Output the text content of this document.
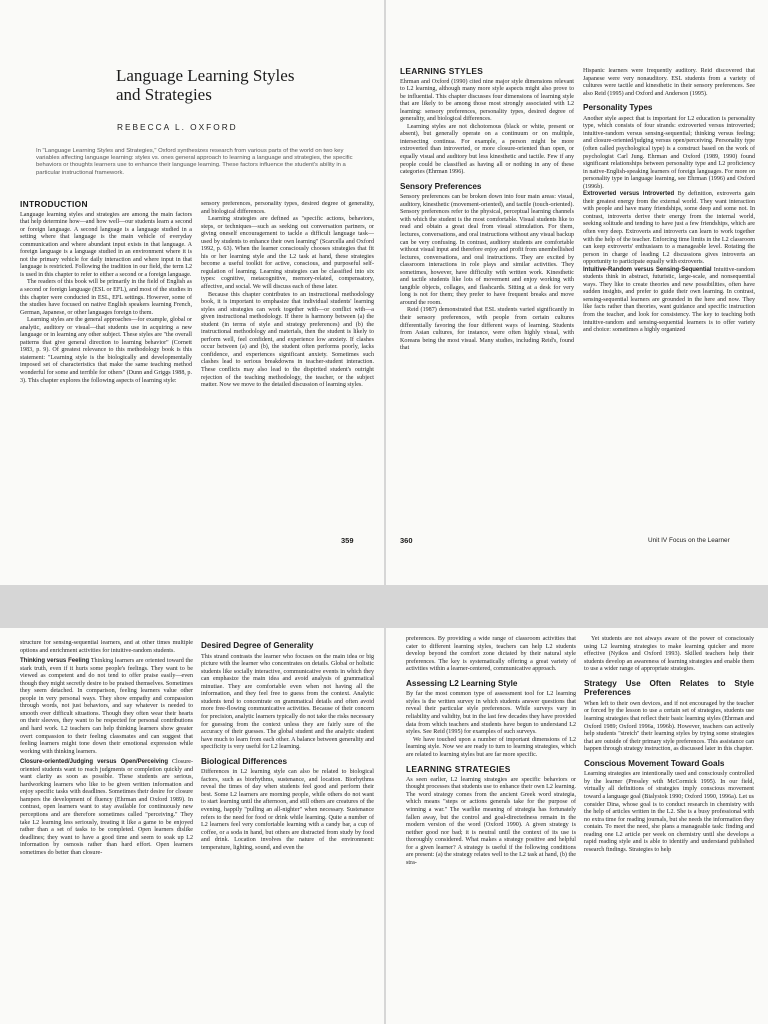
Language Learning Styles and Strategies
REBECCA L. OXFORD
In "Language Learning Styles and Strategies," Oxford synthesizes research from various parts of the world on two key variables affecting language learning: styles vs. ones general approach to learning a language and strategies, the specific behaviors or thoughts learners use to enhance their language learning. These factors influence the student's ability in a particular instructional framework.
INTRODUCTION

Language learning styles and strategies are among the main factors that help determine how—and how well—our students learn a second or foreign language. A second language is a language studied in a setting where that language is the main vehicle of everyday communication and where abundant input exists in that language. A foreign language is a language studied in an environment where it is not the primary vehicle for daily interaction and where input in that language is restricted. Following the tradition in our field, the term L2 is used in this chapter to refer to either a second or a foreign language.

The readers of this book will be primarily in the field of English as a second or foreign language (ESL or EFL), and most of the studies in this chapter were conducted in ESL, EFL settings. However, some of the studies have focused on native English speakers learning French, German, Japanese, or other languages foreign to them.

Learning styles are the general approaches—for example, global or analytic, auditory or visual—that students use in acquiring a new language or in learning any other subject. These styles are "the overall patterns that give general direction to learning behavior" (Cornett 1983, p. 9). Of greatest relevance to this methodology book is this statement: "Learning style is the biologically and developmentally imposed set of characteristics that make the same teaching method wonderful for some and terrible for others" (Dunn and Griggs 1988, p. 3). This chapter explores the following aspects of learning style:

sensory preferences, personality types, desired degree of generality, and biological differences.

Learning strategies are defined as "specific actions, behaviors, steps, or techniques—such as seeking out conversation partners, or giving oneself encouragement to tackle a difficult language task—used by students to enhance their own learning" (Scarcella and Oxford 1992, p. 63). When the learner consciously chooses strategies that fit his or her learning style and the L2 task at hand, these strategies become a useful toolkit for active, conscious, and purposeful self-regulation of learning. Learning strategies can be classified into six types: cognitive, metacognitive, memory-related, compensatory, affective, and social. We will discuss each of these later.

Because this chapter contributes to an instructional methodology book, it is important to emphasize that individual students' learning styles and strategies can work together with—or conflict with—a given instructional methodology. If there is harmony between (a) the student (in terms of style and strategy preferences) and (b) the instructional methodology and materials, then the student is likely to perform well, feel confident, and experience low anxiety. If clashes occur between (a) and (b), the student often performs poorly, lacks confidence, and experiences significant anxiety. Sometimes such clashes lead to serious breakdowns in teacher-student interaction. These conflicts may also lead to the dispirited student's outright rejection of the teaching methodology, the teacher, or the subject matter. Now we move to the detailed discussion of learning styles.

359
LEARNING STYLES

Ehrman and Oxford (1990) cited nine major style dimensions relevant to L2 learning, although many more style aspects might also prove to be influential. This chapter discusses four dimensions of learning style that are likely to be among those most strongly associated with L2 learning: sensory preferences, personality types, desired degree of generality, and biological differences.

Learning styles are not dichotomous (black or white, present or absent), but generally operate on a continuum or on multiple, intersecting continua. For example, a person might be more extroverted than introverted, or more closure-oriented than open, or equally visual and auditory but less kinesthetic and tactile. Few if any people could be classified as having all or nothing in any of these categories (Ehrman 1996).

Sensory Preferences

Sensory preferences can be broken down into four main areas: visual, auditory, kinesthetic (movement-oriented), and tactile (touch-oriented). Sensory preferences refer to the physical, perceptual learning channels with which the student is the most comfortable. Visual students like to read and obtain a great deal from visual stimulation. For them, lectures, conversations, and oral instructions without any visual backup can be very confusing. In contrast, auditory students are comfortable without visual input and therefore enjoy and profit from unembellished lectures, conversations, and oral instructions. They are excited by classroom interactions in role plays and similar activities. They sometimes, however, have difficulty with written work. Kinesthetic and tactile students like lots of movement and enjoy working with tangible objects, collages, and flashcards. Sitting at a desk for very long is not for them; they prefer to have frequent breaks and move around the room.

Reid (1987) demonstrated that ESL students varied significantly in their sensory preferences, with people from certain cultures differentially favoring the four different ways of learning. Students from Asian cultures, for instance, were often highly visual, with Koreans being the most visual. Many studies, including Reid's, found that

Hispanic learners were frequently auditory. Reid discovered that Japanese were very nonauditory. ESL students from a variety of cultures were tactile and kinesthetic in their sensory preferences. See also Reid (1995) and Oxford and Anderson (1995).

Personality Types

Another style aspect that is important for L2 education is personality type, which consists of four strands: extroverted versus introverted; intuitive-random versus sensing-sequential; thinking versus feeling; and closure-oriented/judging versus open/perceiving. Personality type (often called psychological type) is a construct based on the work of psychologist Carl Jung. Ehrman and Oxford (1989, 1990) found significant relationships between personality type and L2 proficiency in native-English-speaking learners of foreign languages. For more on personality type in language learning, see Ehrman (1996) and Oxford (1996b).

Extroverted versus Introverted By definition, extroverts gain their greatest energy from the external world. They want interaction with people and have many friendships, some deep and some not. In contrast, introverts derive their energy from the internal world, seeking solitude and tending to have just a few friendships, which are often very deep. Extroverts and introverts can learn to work together with the help of the teacher. Enforcing time limits in the L2 classroom can keep extroverts' enthusiasm to a manageable level. Rotating the person in charge of leading L2 discussions gives introverts an opportunity to participate equally with extroverts.

Intuitive-Random versus Sensing-Sequential Intuitive-random students think in abstract, futuristic, large-scale, and nonsequential ways. They like to create theories and new possibilities, often have sudden insights, and prefer to guide their own learning. In contrast, sensing-sequential learners are grounded in the here and now. They like facts rather than theories, want guidance and specific instruction from the teacher, and look for consistency. The key to teaching both intuitive-random and sensing-sequential learners is to offer variety and choice: sometimes a highly organized

360	Unit IV Focus on the Learner

structure for sensing-sequential learners, and at other times multiple options and enrichment activities for intuitive-random students.

Thinking versus Feeling Thinking learners are oriented toward the stark truth, even if it hurts some people's feelings. They want to be viewed as competent and do not tend to offer praise easily—even though they might secretly desire to be praised themselves. Sometimes they seem detached. In comparison, feeling learners value other people in very personal ways. They show empathy and compassion through words, not just behaviors, and say whatever is needed to smooth over difficult situations. Though they often wear their hearts on their sleeves, they want to be respected for personal contributions and hard work. L2 teachers can help thinking learners show greater overt compassion to their feeling classmates and can suggest that feeling learners might tone down their emotional expression while working with thinking learners.

Closure-oriented/Judging versus Open/Perceiving Closure-oriented students want to reach judgments or completion quickly and want clarity as soon as possible. These students are serious, hardworking learners who like to be given written information and enjoy specific tasks with deadlines. Sometimes their desire for closure hampers the development of fluency (Ehrman and Oxford 1989). In contrast, open learners want to stay available for continuously new perceptions and are therefore sometimes called "perceiving." They take L2 learning less seriously, treating it like a game to be enjoyed rather than a set of tasks to be completed. Open learners dislike deadlines; they want to have a good time and seem to soak up L2 information by osmosis rather than hard effort. Open learners sometimes do better than closure-

Desired Degree of Generality

This strand contrasts the learner who focuses on the main idea or big picture with the learner who concentrates on details. Global or holistic students like socially interactive, communicative events in which they can emphasize the main idea and avoid analysis of grammatical minutiae. They are comfortable even when not having all the information, and they feel free to guess from the context. Analytic students tend to concentrate on grammatical details and often avoid more free-flowing communicative activities. Because of their concern for precision, analytic learners typically do not take the risks necessary for guessing from the context unless they are fairly sure of the accuracy of their guesses. The global student and the analytic student have much to learn from each other. A balance between generality and specificity is very useful for L2 learning.

Biological Differences

Differences in L2 learning style can also be related to biological factors, such as biorhythms, sustenance, and location. Biorhythms reveal the times of day when students feel good and perform their best. Some L2 learners are morning people, while others do not want to start learning until the afternoon, and still others are creatures of the evening, happily "pulling an all-nighter" when necessary. Sustenance refers to the need for food or drink while learning. Quite a number of L2 learners feel very comfortable learning with a candy bar, a cup of coffee, or a soda in hand, but others are distracted from study by food and drink. Location involves the nature of the environment: temperature, lighting, sound, and even the

preferences. By providing a wide range of classroom activities that cater to different learning styles, teachers can help L2 students develop beyond the comfort zone dictated by their natural style preferences. The key is systematically offering a great variety of activities within a learner-centered, communicative approach.

Assessing L2 Learning Style

By far the most common type of assessment tool for L2 learning styles is the written survey in which students answer questions that reveal their particular style preferences. While surveys vary in reliability and validity, but in the last few decades they have provided data from which teachers and students have begun to understand L2 styles. See Reid (1995) for examples of such surveys.

We have touched upon a number of important dimensions of L2 learning style. Now we are ready to turn to learning strategies, which are related to learning styles but are far more specific.

LEARNING STRATEGIES

As seen earlier, L2 learning strategies are specific behaviors or thought processes that students use to enhance their own L2 learning. The word strategy comes from the ancient Greek word strategia, which means "steps or actions generals take for the purpose of winning a war." The warlike meaning of strategia has fortunately fallen away, but the control and goal-directedness remain in the modern version of the word (Oxford 1990). A given strategy is neither good nor bad; it is neutral until the context of its use is thoroughly considered. What makes a strategy positive and helpful for a given learner? A strategy is useful if the following conditions are present: (a) the strategy relates well to the L2 task at hand, (b) the stra-

Yet students are not always aware of the power of consciously using L2 learning strategies to make learning quicker and more effective (Nyikos and Oxford 1993). Skilled teachers help their students develop an awareness of learning strategies and enable them to use a wider range of appropriate strategies.

Strategy Use Often Relates to Style Preferences

When left to their own devices, and if not encouraged by the teacher or forced by the lesson to use a certain set of strategies, students use learning strategies that reflect their basic learning styles (Ehrman and Oxford 1989; Oxford 1996a, 1996b). However, teachers can actively help students "stretch" their learning styles by trying some strategies that are outside of their primary style preferences. This assistance can happen through strategy instruction, as discussed later in this chapter.

Conscious Movement Toward Goals

Learning strategies are intentionally used and consciously controlled by the learner (Pressley with McCormick 1995). In our field, virtually all definitions of strategies imply conscious movement toward a language goal (Bialystok 1990; Oxford 1990, 1996a). Let us consider Dina, whose goal is to conduct research in chemistry with the help of articles written in the L2. She is a busy professional with no extra time for reading journals, but she needs the information they contain. To meet the need, she plans a manageable task: finding and reading one L2 article per week on chemistry until she develops a rapid reading style and is able to identify and understand published research findings. Strategies to help
